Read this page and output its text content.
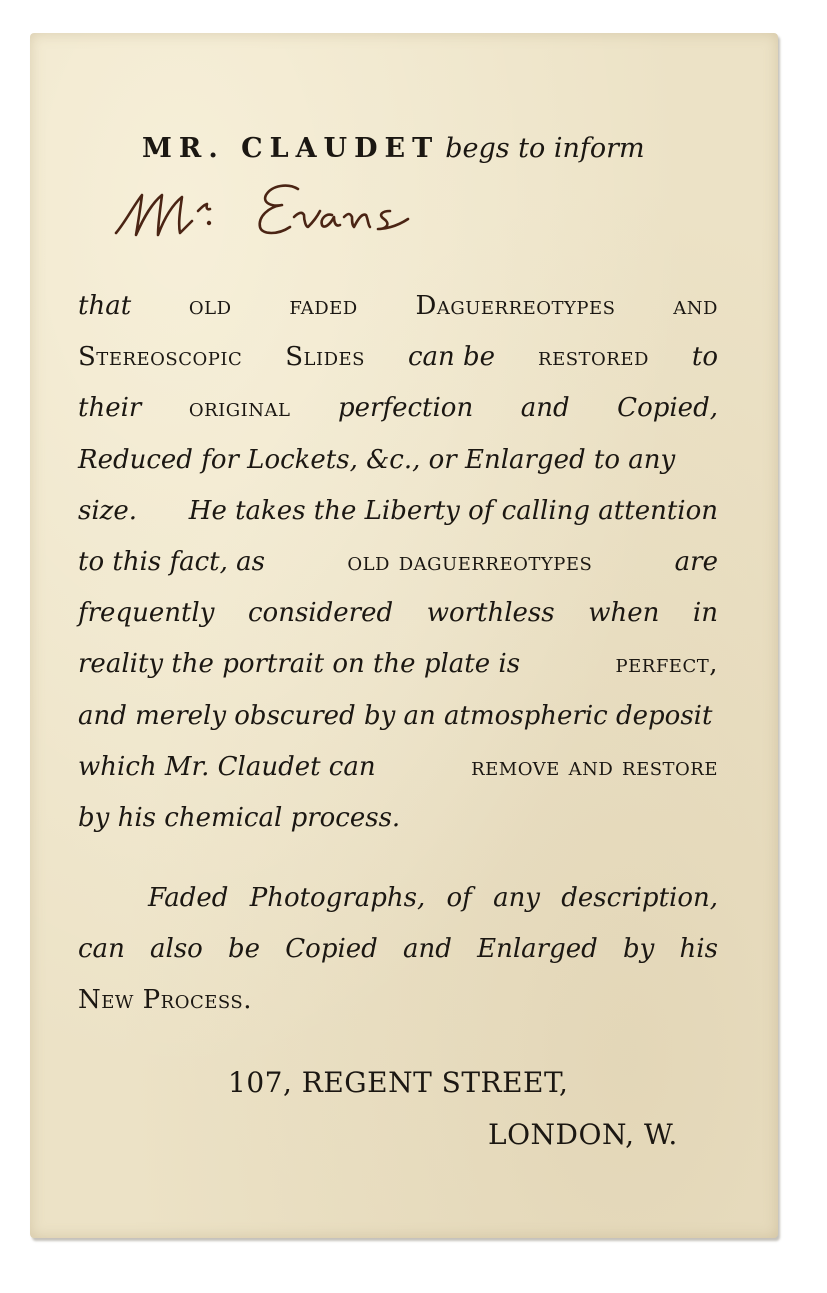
MR. CLAUDET begs to inform
that old faded Daguerreotypes and
Stereoscopic Slides can be restored to
their original perfection and Copied,
Reduced for Lockets, &c., or Enlarged to any
size. He takes the Liberty of calling attention
to this fact, as	old daguerreotypes	are
frequently considered worthless when in
reality the portrait on the plate is	perfect,
and merely obscured by an atmospheric deposit
which Mr. Claudet can	remove and restore
by his chemical process.
Faded Photographs, of any description,
can also be Copied and Enlarged by his
New Process.
107, REGENT STREET,
LONDON, W.
